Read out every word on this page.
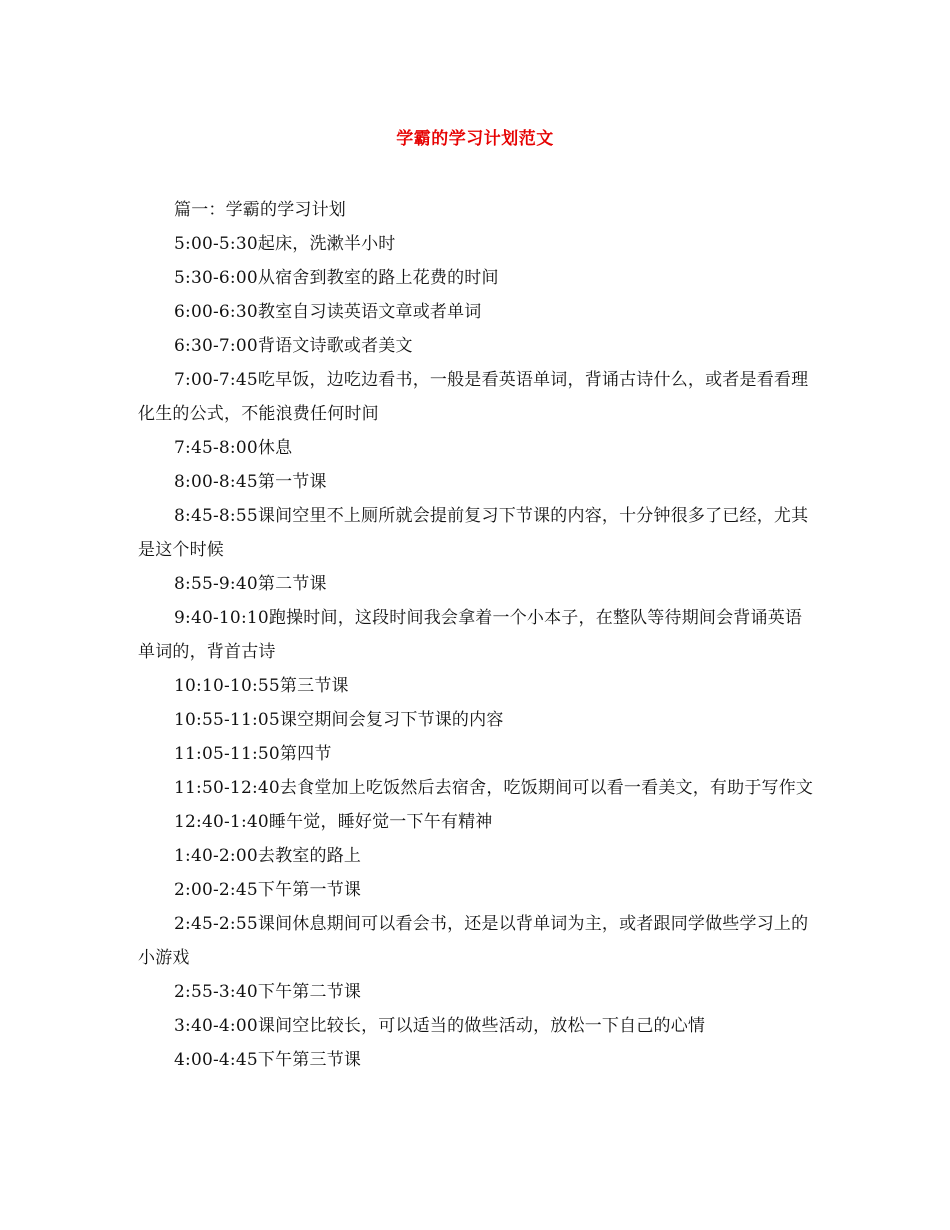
学霸的学习计划范文

篇一：学霸的学习计划

5:00-5:30起床，洗漱半小时

5:30-6:00从宿舍到教室的路上花费的时间

6:00-6:30教室自习读英语文章或者单词

6:30-7:00背语文诗歌或者美文

7:00-7:45吃早饭，边吃边看书，一般是看英语单词，背诵古诗什么，或者是看看理化生的公式，不能浪费任何时间

7:45-8:00休息

8:00-8:45第一节课

8:45-8:55课间空里不上厕所就会提前复习下节课的内容，十分钟很多了已经，尤其是这个时候

8:55-9:40第二节课

9:40-10:10跑操时间，这段时间我会拿着一个小本子，在整队等待期间会背诵英语单词的，背首古诗

10:10-10:55第三节课

10:55-11:05课空期间会复习下节课的内容

11:05-11:50第四节

11:50-12:40去食堂加上吃饭然后去宿舍，吃饭期间可以看一看美文，有助于写作文

12:40-1:40睡午觉，睡好觉一下午有精神

1:40-2:00去教室的路上

2:00-2:45下午第一节课

2:45-2:55课间休息期间可以看会书，还是以背单词为主，或者跟同学做些学习上的小游戏

2:55-3:40下午第二节课

3:40-4:00课间空比较长，可以适当的做些活动，放松一下自己的心情

4:00-4:45下午第三节课
